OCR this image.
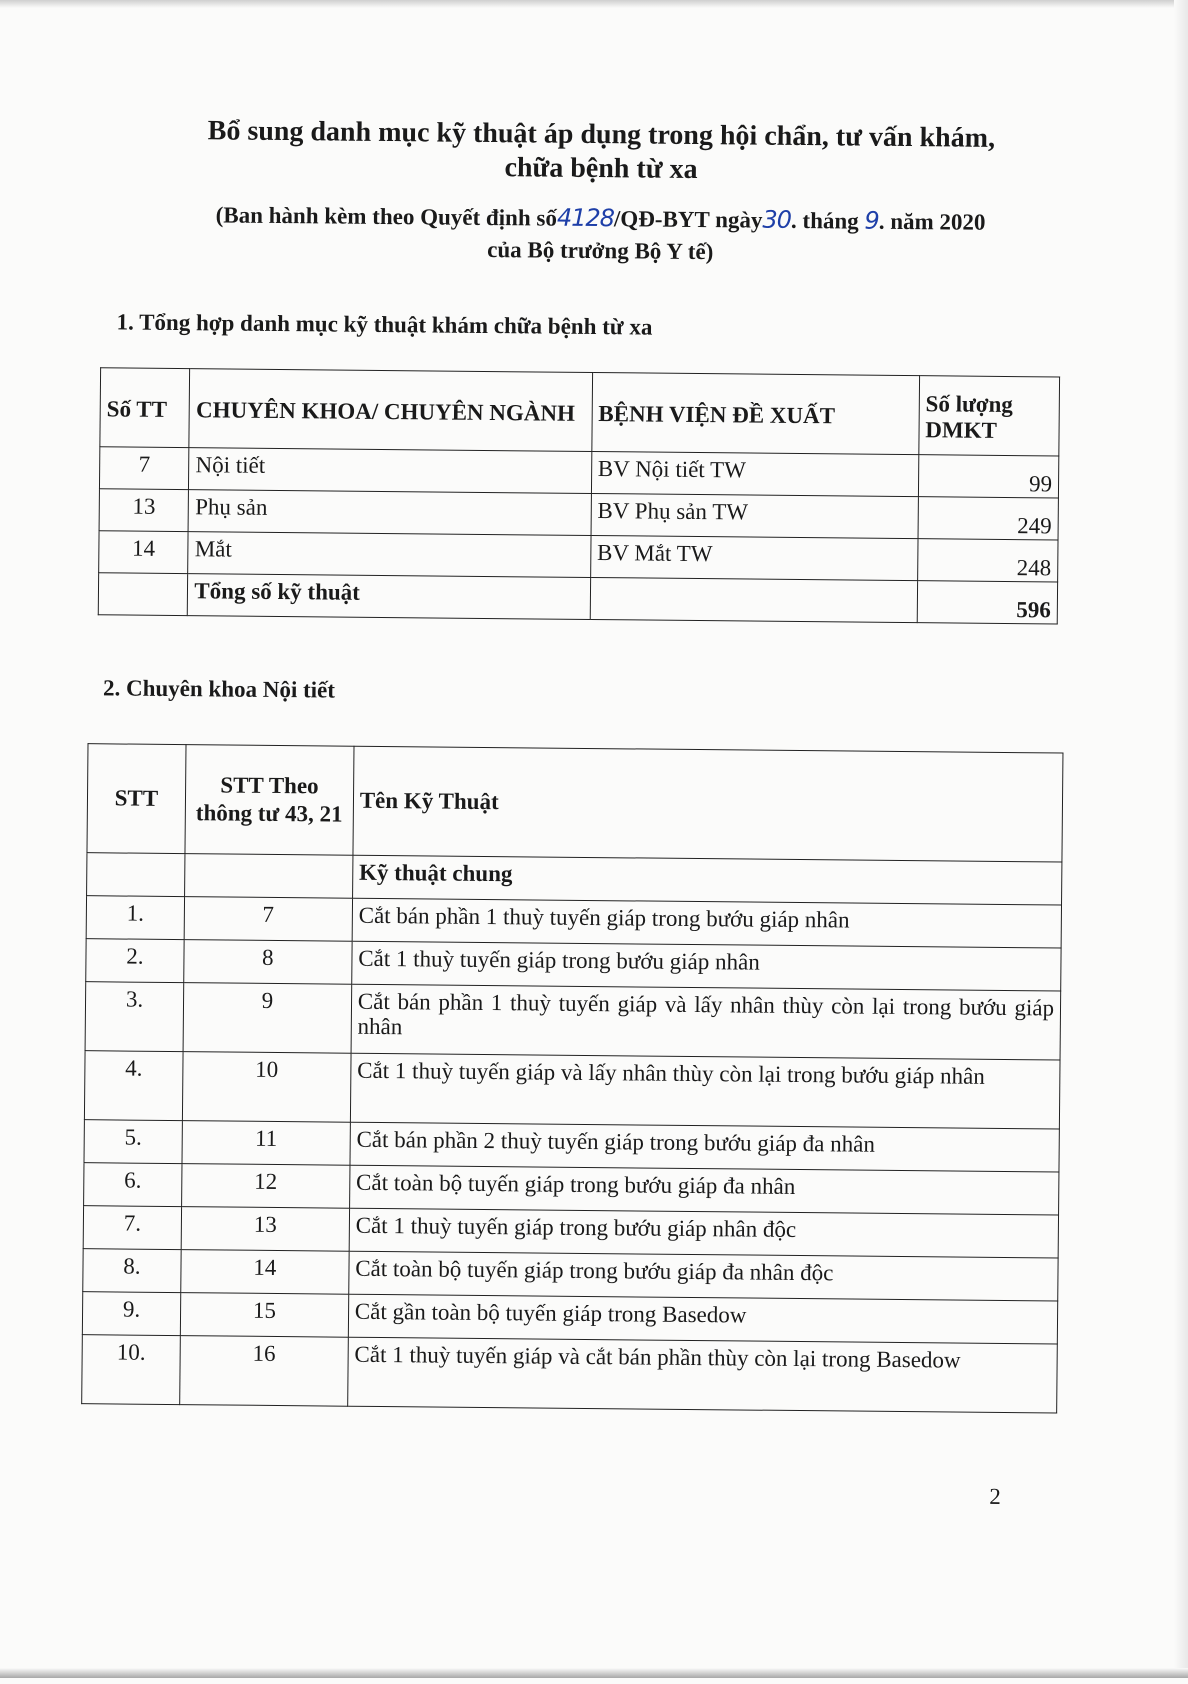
Bổ sung danh mục kỹ thuật áp dụng trong hội chẩn, tư vấn khám,
chữa bệnh từ xa
(Ban hành kèm theo Quyết định số4128/QĐ-BYT ngày30. tháng 9. năm 2020
của Bộ trưởng Bộ Y tế)
1. Tổng hợp danh mục kỹ thuật khám chữa bệnh từ xa
Số TT	CHUYÊN KHOA/ CHUYÊN NGÀNH	BỆNH VIỆN ĐỀ XUẤT	Số lượng DMKT
7	Nội tiết	BV Nội tiết TW	99
13	Phụ sản	BV Phụ sản TW	249
14	Mắt	BV Mắt TW	248
	Tổng số kỹ thuật		596
2. Chuyên khoa Nội tiết
STT	STT Theo thông tư 43, 21	Tên Kỹ Thuật
		Kỹ thuật chung
1.	7	Cắt bán phần 1 thuỳ tuyến giáp trong bướu giáp nhân
2.	8	Cắt 1 thuỳ tuyến giáp trong bướu giáp nhân
3.	9	Cắt bán phần 1 thuỳ tuyến giáp và lấy nhân thùy còn lại trong bướu giáp nhân
4.	10	Cắt 1 thuỳ tuyến giáp và lấy nhân thùy còn lại trong bướu giáp nhân
5.	11	Cắt bán phần 2 thuỳ tuyến giáp trong bướu giáp đa nhân
6.	12	Cắt toàn bộ tuyến giáp trong bướu giáp đa nhân
7.	13	Cắt 1 thuỳ tuyến giáp trong bướu giáp nhân độc
8.	14	Cắt toàn bộ tuyến giáp trong bướu giáp đa nhân độc
9.	15	Cắt gần toàn bộ tuyến giáp trong Basedow
10.	16	Cắt 1 thuỳ tuyến giáp và cắt bán phần thùy còn lại trong Basedow
2
